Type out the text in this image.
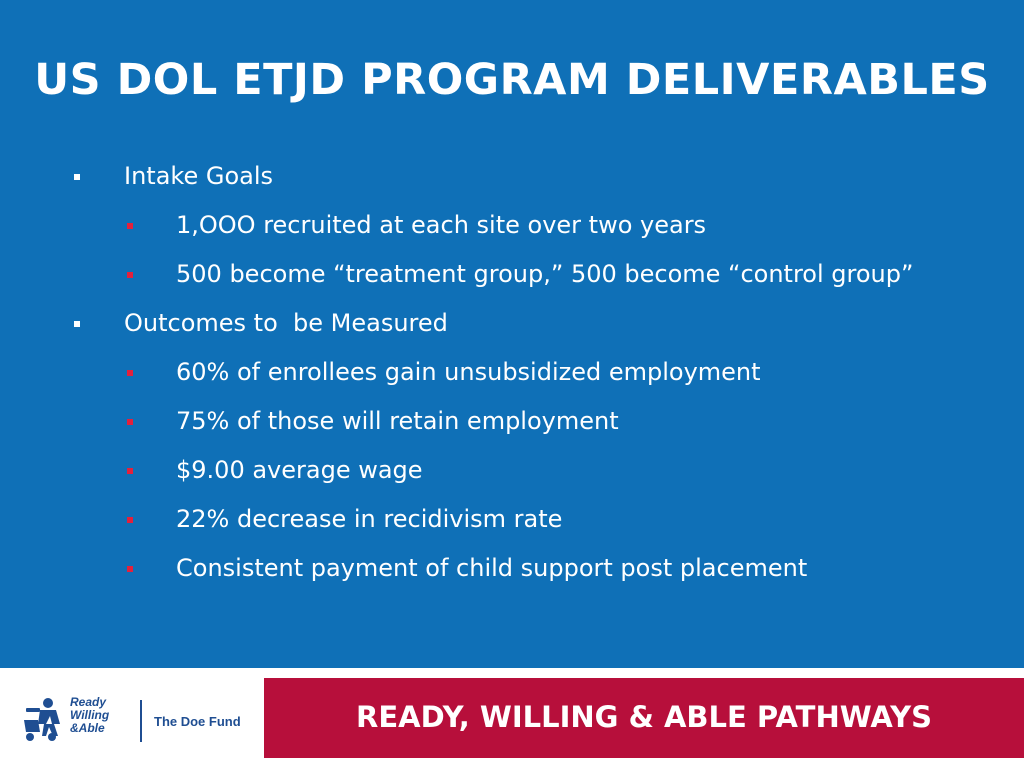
US DOL ETJD PROGRAM DELIVERABLES
Intake Goals
1,OOO recruited at each site over two years
500 become “treatment group,” 500 become “control group”
Outcomes to  be Measured
60% of enrollees gain unsubsidized employment
75% of those will retain employment
$9.00 average wage
22% decrease in recidivism rate
Consistent payment of child support post placement
Ready
Willing
&Able	The Doe Fund	READY, WILLING & ABLE PATHWAYS
